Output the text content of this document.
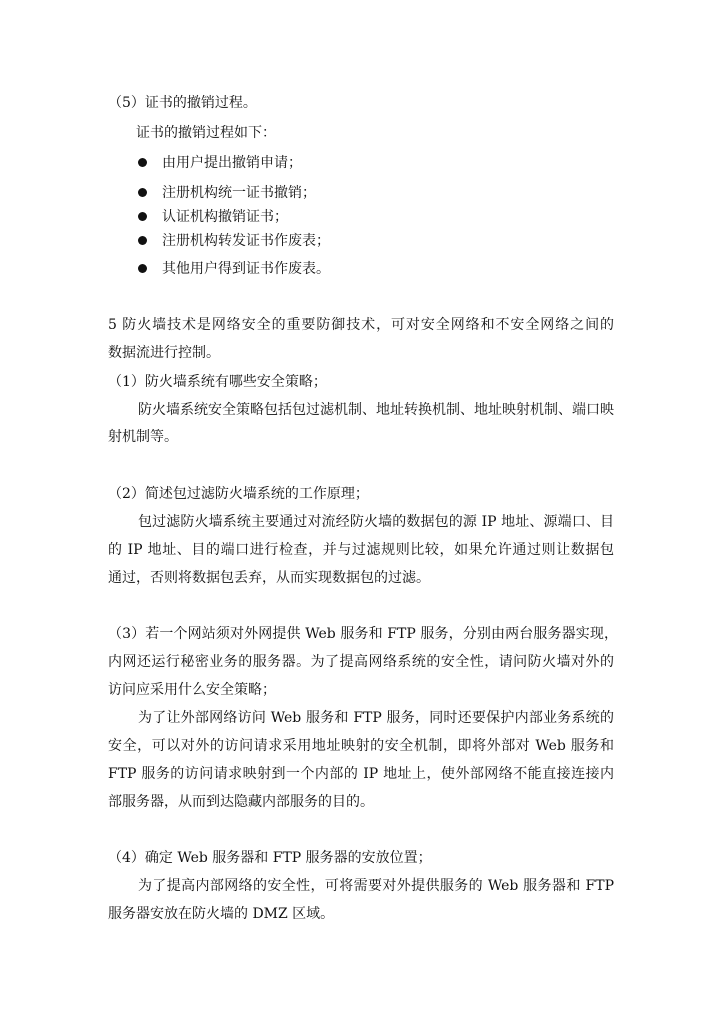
（5）证书的撤销过程。
证书的撤销过程如下：
由用户提出撤销申请；
注册机构统一证书撤销；
认证机构撤销证书；
注册机构转发证书作废表；
其他用户得到证书作废表。
5 防火墙技术是网络安全的重要防御技术，可对安全网络和不安全网络之间的
数据流进行控制。
（1）防火墙系统有哪些安全策略；
防火墙系统安全策略包括包过滤机制、地址转换机制、地址映射机制、端口映
射机制等。
（2）简述包过滤防火墙系统的工作原理；
包过滤防火墙系统主要通过对流经防火墙的数据包的源 IP 地址、源端口、目
的 IP 地址、目的端口进行检查，并与过滤规则比较，如果允许通过则让数据包
通过，否则将数据包丢弃，从而实现数据包的过滤。
（3）若一个网站须对外网提供 Web 服务和 FTP 服务，分别由两台服务器实现，
内网还运行秘密业务的服务器。为了提高网络系统的安全性，请问防火墙对外的
访问应采用什么安全策略；
为了让外部网络访问 Web 服务和 FTP 服务，同时还要保护内部业务系统的
安全，可以对外的访问请求采用地址映射的安全机制，即将外部对 Web 服务和
FTP 服务的访问请求映射到一个内部的 IP 地址上，使外部网络不能直接连接内
部服务器，从而到达隐藏内部服务的目的。
（4）确定 Web 服务器和 FTP 服务器的安放位置；
为了提高内部网络的安全性，可将需要对外提供服务的 Web 服务器和 FTP
服务器安放在防火墙的 DMZ 区域。
